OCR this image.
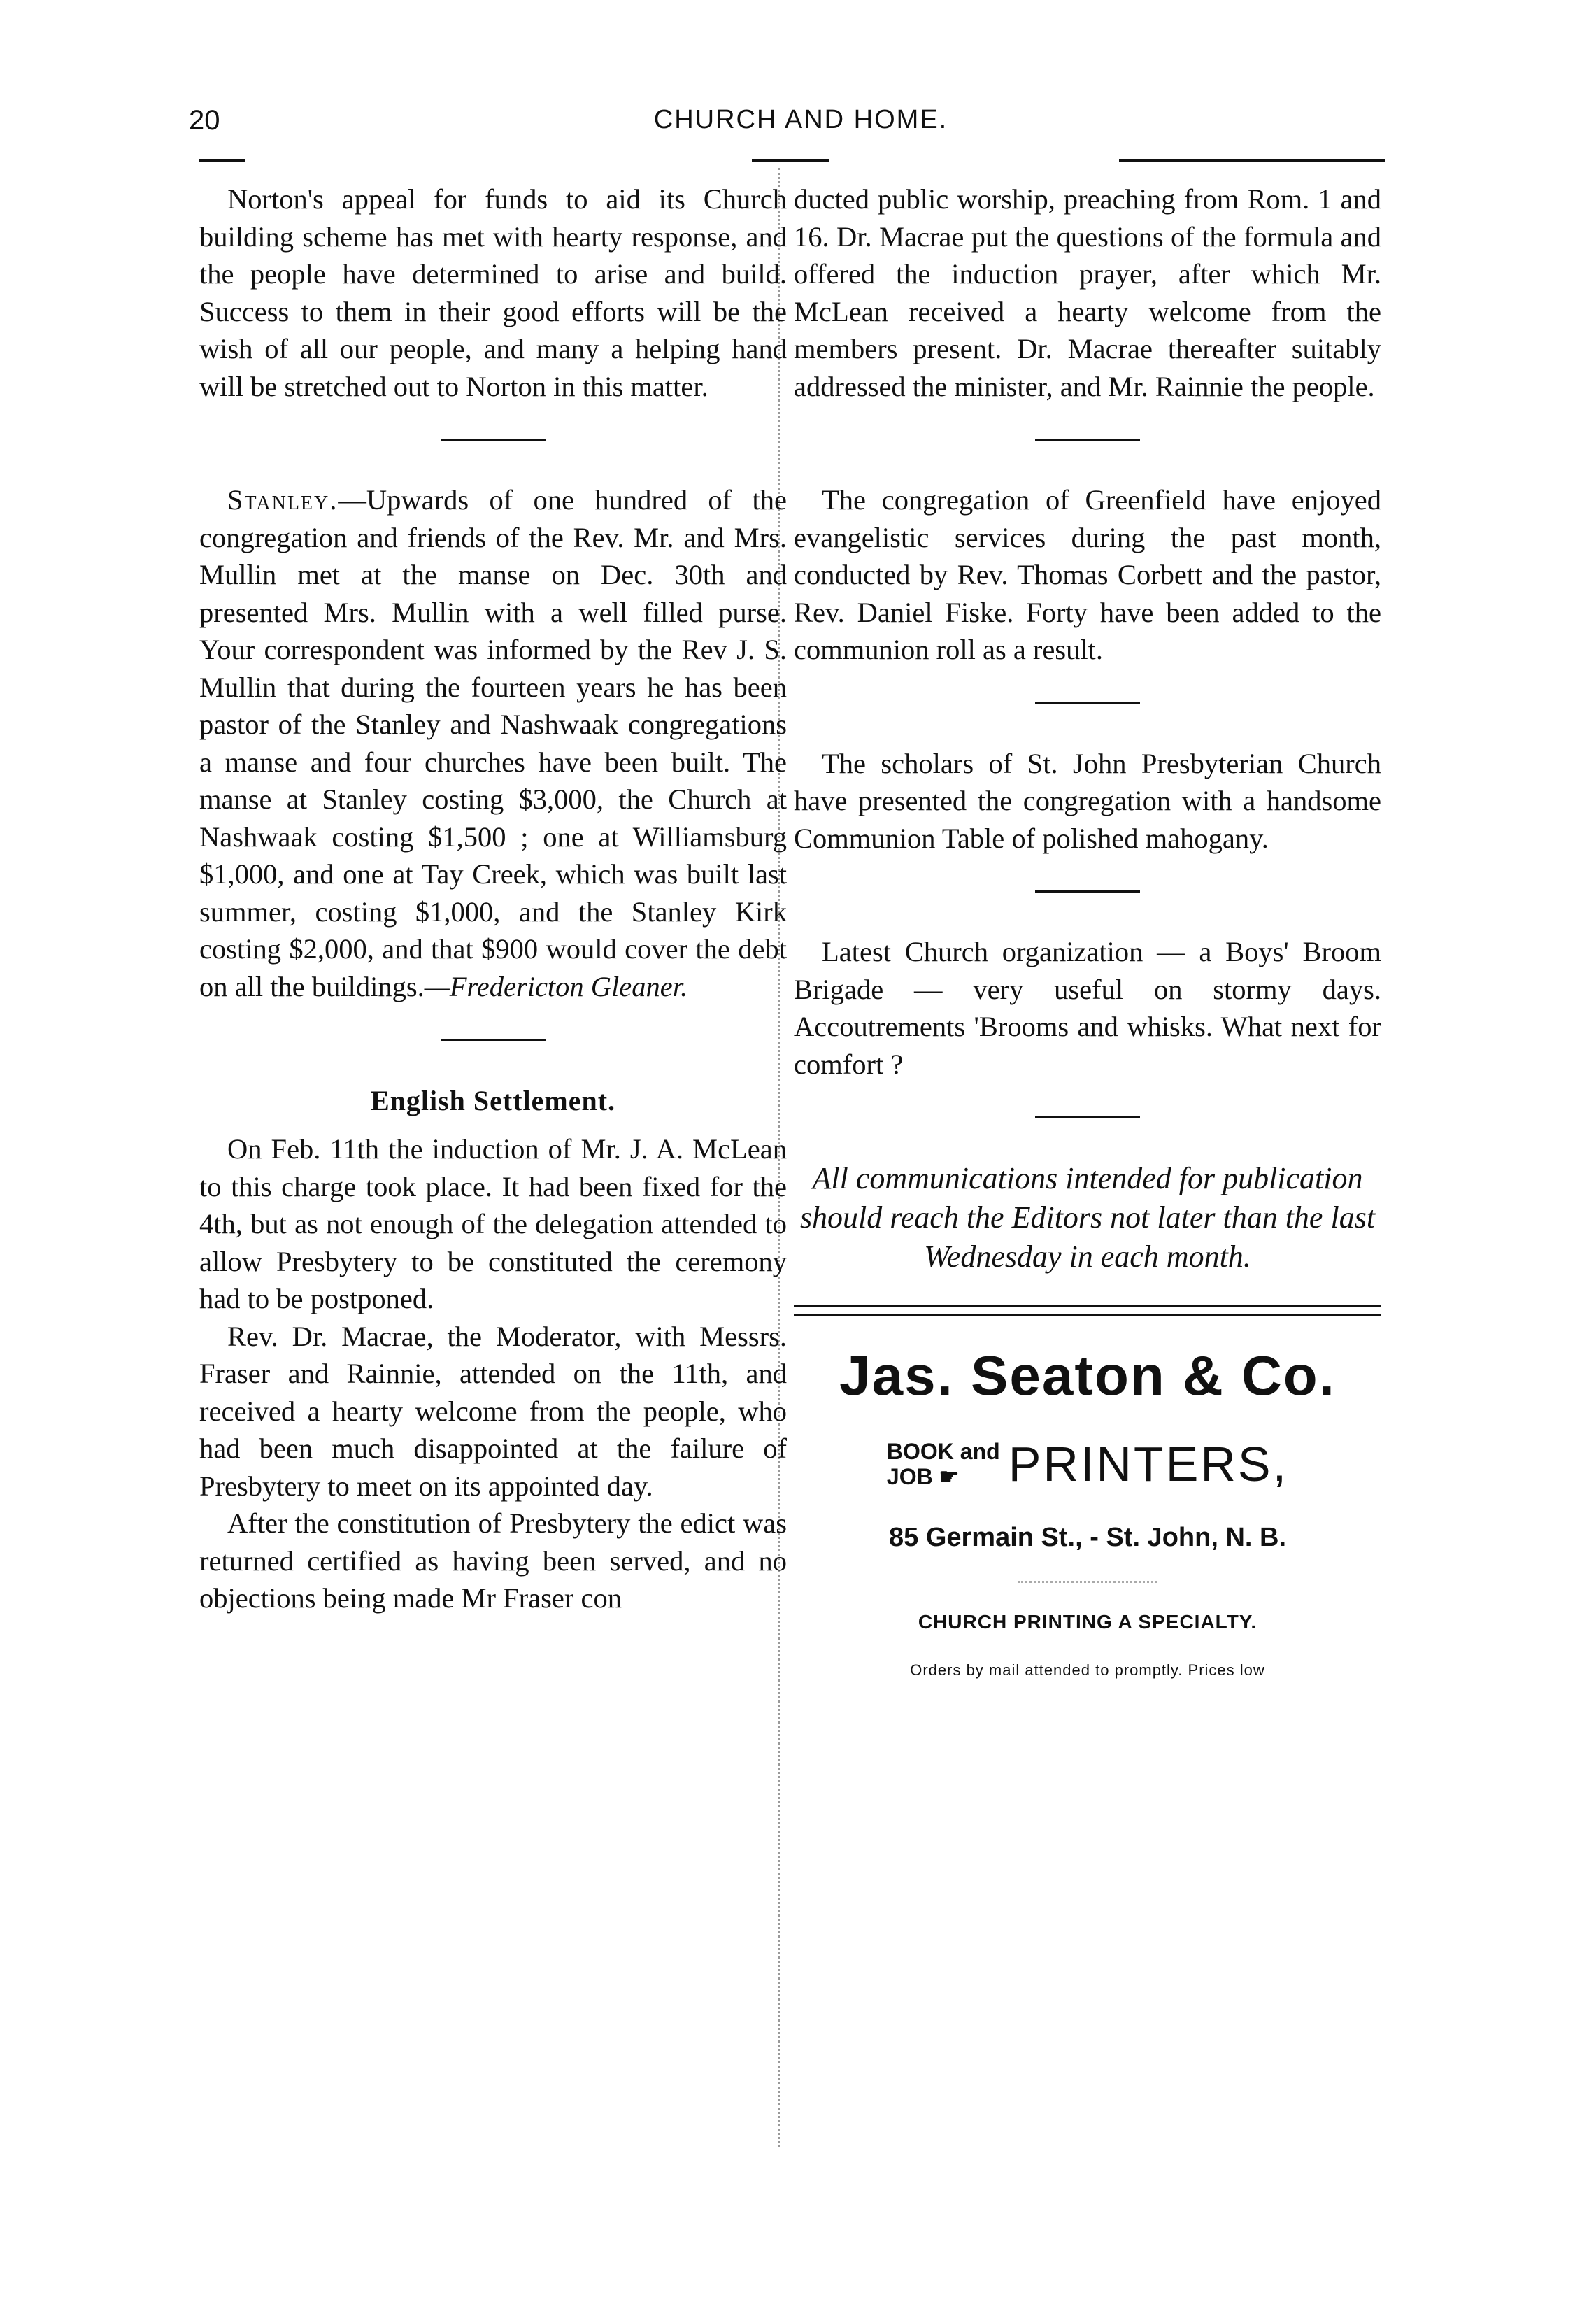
20	CHURCH AND HOME.

Norton's appeal for funds to aid its Church building scheme has met with hearty response, and the people have determined to arise and build. Success to them in their good efforts will be the wish of all our people, and many a helping hand will be stretched out to Norton in this matter.

Stanley.—Upwards of one hundred of the congregation and friends of the Rev. Mr. and Mrs. Mullin met at the manse on Dec. 30th and presented Mrs. Mullin with a well filled purse. Your correspondent was informed by the Rev J. S. Mullin that during the fourteen years he has been pastor of the Stanley and Nashwaak congregations a manse and four churches have been built. The manse at Stanley costing $3,000, the Church at Nashwaak costing $1,500 ; one at Williamsburg $1,000, and one at Tay Creek, which was built last summer, costing $1,000, and the Stanley Kirk costing $2,000, and that $900 would cover the debt on all the buildings.—Fredericton Gleaner.

English Settlement.

On Feb. 11th the induction of Mr. J. A. McLean to this charge took place. It had been fixed for the 4th, but as not enough of the delegation attended to allow Presbytery to be constituted the ceremony had to be postponed.

Rev. Dr. Macrae, the Moderator, with Messrs. Fraser and Rainnie, attended on the 11th, and received a hearty welcome from the people, who had been much disappointed at the failure of Presbytery to meet on its appointed day.

After the constitution of Presbytery the edict was returned certified as having been served, and no objections being made Mr Fraser con

ducted public worship, preaching from Rom. 1 and 16. Dr. Macrae put the questions of the formula and offered the induction prayer, after which Mr. McLean received a hearty welcome from the members present. Dr. Macrae thereafter suitably addressed the minister, and Mr. Rainnie the people.

The congregation of Greenfield have enjoyed evangelistic services during the past month, conducted by Rev. Thomas Corbett and the pastor, Rev. Daniel Fiske. Forty have been added to the communion roll as a result.

The scholars of St. John Presbyterian Church have presented the congregation with a handsome Communion Table of polished mahogany.

Latest Church organization — a Boys' Broom Brigade — very useful on stormy days. Accoutrements 'Brooms and whisks. What next for comfort ?

All communications intended for publication should reach the Editors not later than the last Wednesday in each month.

Jas. Seaton & Co.
BOOK and
JOB ☛	PRINTERS,
85 Germain St., - St. John, N. B.
CHURCH PRINTING A SPECIALTY.
Orders by mail attended to promptly. Prices low
